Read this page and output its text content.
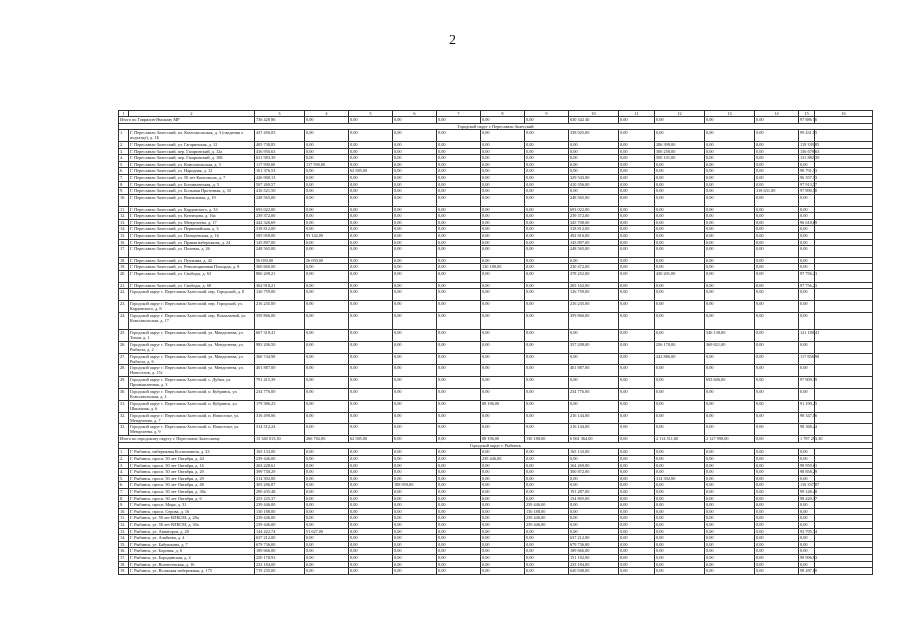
2
1	2	3	4	5	6	7	8	9	10	11	12	13	14	15	16
Итого по Гаврилов-Ямскому МР		736 428 86	0,00	0,00	0,00	0,00	0,00	0,00	630 342 40	0,00	0,00	0,00	0,00	97 886 56	
Городской округ г. Переславль-Залесский															
1.	Г. Переславль-Залесский, пл. Комсомольская, д. 3 (сведения о подъезде), д. 1Б	437 456,05	0,00	0,00	0,00	0,00	0,00	0,00	338 025,00	0,00	0,00	0,00	0,00	99 431,05	
2.	Г. Переславль-Залесский, ул. Гагаринская, д. 12	405 738,85	0,00	0,00	0,00	0,00	0,00	0,00	0,00	0,00	286 399,00	0,00	0,00	119 339,85	
3.	Г. Переславль-Залесский, пер. Гагаринский, д. 12а	436 950,63	0,00	0,00	0,00	0,00	0,00	0,00	0,00	0,00	300 258,00	0,00	0,00	136 679,63	
4.	Г. Переславль-Залесский, пер. Гагаринский, д. 10Б	631 983,39	0,00	0,00	0,00	0,00	0,00	0,00	0,00	0,00	500 101,00	0,00	0,00	131 882,39	
5.	Г. Переславль-Залесский, ул. Комсомольская, д. 3	117 590,00	117 590,00	0,00	0,00	0,00	0,00	0,00	0,00	0,00	0,00	0,00	0,00	0,00	
6.	Г. Переславль-Залесский, ул. Народная, д. 12	161 376,53	0,00	62 585,00	0,00	0,00	0,00	0,00	0,00	0,00	0,00	0,00	0,00	98 791,53	
7.	Г. Переславль-Залесский, ул. 50 лет Комсомола, д. 7	426 900,13	0,00	0,00	0,00	0,00	0,00	0,00	329 543,00	0,00	0,00	0,00	0,00	96 357,13	
8.	Г. Переславль-Залесский, ул. Богоявленская, д. 5	507 269,57	0,00	0,00	0,00	0,00	0,00	0,00	410 356,00	0,00	0,00	0,00	0,00	97 913,57	
9.	Г. Переславль-Залесский, ул. Большая Протечная, д. 35	416 521,50	0,00	0,00	0,00	0,00	0,00	0,00	0,00	0,00	0,00	0,00	318 631,00	97 890,50	
10.	Г. Переславль-Залесский, ул. Вокзальная, д. 19	248 565,00	0,00	0,00	0,00	0,00	0,00	0,00	248 565,00	0,00	0,00	0,00	0,00	0,00	
11.	Г. Переславль-Залесский, ул. Кардовского, д. 33	693 022,00	0,00	0,00	0,00	0,00	0,00	0,00	693 022,00	0,00	0,00	0,00	0,00	0,00	
12.	Г. Переславль-Залесский, ул. Кузнецова, д. 16а	239 372,00	0,00	0,00	0,00	0,00	0,00	0,00	239 372,00	0,00	0,00	0,00	0,00	0,00	
13.	Г. Переславль-Залесский, ул. Менделеева, д. 17	442 326,69	0,00	0,00	0,00	0,00	0,00	0,00	345 708,00	0,00	0,00	0,00	0,00	96 618,69	
14.	Г. Переславль-Залесский, ул. Первомайская, д. 3	318 812,00	0,00	0,00	0,00	0,00	0,00	0,00	318 812,00	0,00	0,00	0,00	0,00	0,00	
15.	Г. Переславль-Залесский, ул. Плещеевская, д. 16	585 958,00	93 142,00	0,00	0,00	0,00	0,00	0,00	492 816,00	0,00	0,00	0,00	0,00	0,00	
16.	Г. Переславль-Залесский, ул. Правая набережная, д. 24	145 897,00	0,00	0,00	0,00	0,00	0,00	0,00	145 897,00	0,00	0,00	0,00	0,00	0,00	
17.	Г. Переславль-Залесский, ул. Полевая, д. 26	248 565,00	0,00	0,00	0,00	0,00	0,00	0,00	248 565,00	0,00	0,00	0,00	0,00	0,00	
18.	Г. Переславль-Залесский, ул. Пушкина, д. 42	56 050,00	56 050,00	0,00	0,00	0,00	0,00	0,00	0,00	0,00	0,00	0,00	0,00	0,00	
19.	Г. Переславль-Залесский, ул. Революционная Площадь, д. 8	360 660,00	0,00	0,00	0,00	0,00	130 188,00	0,00	230 472,00	0,00	0,00	0,00	0,00	0,00	
20.	Г. Переславль-Залесский, ул. Свободы, д. 63	806 209,21	0,00	0,00	0,00	0,00	0,00	0,00	378 252,00	0,00	430 201,00	0,00	0,00	97 756,21	
21.	Г. Переславль-Залесский, ул. Свободы, д. 68	362 918,21	0,00	0,00	0,00	0,00	0,00	0,00	265 162,00	0,00	0,00	0,00	0,00	97 756,21	
22.	Городской округ г. Переславль-Залесский, пер. Городской, д. 8	126 759,00	0,00	0,00	0,00	0,00	0,00	0,00	126 759,00	0,00	0,00	0,00	0,00	0,00	
23.	Городской округ г. Переславль-Залесский, пер. Городской, ул. Кардовского, д. 8	216 235,00	0,00	0,00	0,00	0,00	0,00	0,00	216 235,00	0,00	0,00	0,00	0,00	0,00	
24.	Городской округ г. Переславль-Залесский, пер. Вокзальный, ул. Комсомольская, д. 17	359 866,00	0,00	0,00	0,00	0,00	0,00	0,00	359 866,00	0,00	0,00	0,00	0,00	0,00	
25.	Городской округ г. Переславль-Залесский, ул. Менделеева, ул. Тихая, д. 1	667 318,41	0,00	0,00	0,00	0,00	0,00	0,00	0,00	0,00	0,00	546 138,00	0,00	121 180,41	
26.	Городской округ г. Переславль-Залесский, ул. Менделеева, ул. Рыбхоза, д. 2	983 206,50	0,00	0,00	0,00	0,00	0,00	0,00	357 208,00	0,00	256 178,00	369 821,00	0,00	0,00	
27.	Городской округ г. Переславль-Залесский, ул. Менделеева, ул. Рыбхоза, д. 6	360 744,98	0,00	0,00	0,00	0,00	0,00	0,00	0,00	0,00	242 886,00	0,00	0,00	117 858,98	
28.	Городской округ г. Переславль-Залесский, ул. Менделеева, ул. Новоселов, д. 17а	401 887,00	0,00	0,00	0,00	0,00	0,00	0,00	401 887,00	0,00	0,00	0,00	0,00	0,00	
29.	Городской округ г. Переславль-Залесский, с. Дубки, ул. Промышленная, д. 3	791 415,39	0,00	0,00	0,00	0,00	0,00	0,00	0,00	0,00	0,00	693 606,00	0,00	97 809,39	
30.	Городской округ г. Переславль-Залесский, п. Кубринск, ул. Комсомольская, д. 1	234 776,00	0,00	0,00	0,00	0,00	0,00	0,00	234 776,00	0,00	0,00	0,00	0,00	0,00	
31.	Городской округ г. Переславль-Залесский, п. Кубринск, ул. Школьная, д. 6	179 386,25	0,00	0,00	0,00	0,00	88 196,00	0,00	0,00	0,00	0,00	0,00	0,00	91 190,25	
32.	Городской округ г. Переславль-Залесский, п. Новоселье, ул. Менделеева, д. 7	316 490,06	0,00	0,00	0,00	0,00	0,00	0,00	216 144,00	0,00	0,00	0,00	0,00	98 347,06	
33.	Городской округ г. Переславль-Залесский, п. Новоселье, ул. Менделеева, д. 9	314 512,24	0,00	0,00	0,00	0,00	0,00	0,00	216 144,00	0,00	0,00	0,00	0,00	98 368,24	
Итого по городскому округу г. Переславль-Залесскому		15 340 015,30	266 782,00	62 585,00	0,00	0,00	88 196,00	130 188,00	6 061 364,00	0,00	2 114 511,00	2 127 998,00	0,00	1 787 293,30	
Городской округ г. Рыбинск															
1.	Г. Рыбинск, набережная Космонавтов, д. 33	165 133,00	0,00	0,00	0,00	0,00	0,00	0,00	165 133,00	0,00	0,00	0,00	0,00	0,00	
2.	Г. Рыбинск, просп. 50 лет Октября, д. 44	239 446,00	0,00	0,00	0,00	0,00	239 446,00	0,00	0,00	0,00	0,00	0,00	0,00	0,00	
3.	Г. Рыбинск, просп. 50 лет Октября, д. 16	263 228,61	0,00	0,00	0,00	0,00	0,00	0,00	164 269,00	0,00	0,00	0,00	0,00	98 959,61	
4.	Г. Рыбинск, просп. 50 лет Октября, д. 20	399 730,29	0,00	0,00	0,00	0,00	0,00	0,00	300 872,00	0,00	0,00	0,00	0,00	98 858,29	
5.	Г. Рыбинск, просп. 50 лет Октября, д. 29	314 392,00	0,00	0,00	0,00	0,00	0,00	0,00	0,00	0,00	314 392,00	0,00	0,00	0,00	
6.	Г. Рыбинск, просп. 50 лет Октября, д. 48	305 296,87	0,00	0,00	188 959,00	0,00	0,00	0,00	0,00	0,00	0,00	0,00	0,00	116 337,87	
7.	Г. Рыбинск, просп. 50 лет Октября, д. 38а	290 435,48	0,00	0,00	0,00	0,00	0,00	0,00	191 287,00	0,00	0,00	0,00	0,00	99 148,48	
8.	Г. Рыбинск, просп. 50 лет Октября, д. 6	253 225,37	0,00	0,00	0,00	0,00	0,00	0,00	154 805,00	0,00	0,00	0,00	0,00	98 420,37	
9.	Г. Рыбинск, просп. Мира, д. 31	239 446,00	0,00	0,00	0,00	0,00	0,00	239 446,00	0,00	0,00	0,00	0,00	0,00	0,00	
10.	Г. Рыбинск, просп. Серова, д. 16	130 188,00	0,00	0,00	0,00	0,00	0,00	130 188,00	0,00	0,00	0,00	0,00	0,00	0,00	
11.	Г. Рыбинск, ул. 50 лет ВЛКСМ, д. 28а	239 446,00	0,00	0,00	0,00	0,00	0,00	239 446,00	0,00	0,00	0,00	0,00	0,00	0,00	
12.	Г. Рыбинск, ул. 50 лет ВЛКСМ, д. 30а	239 446,00	0,00	0,00	0,00	0,00	0,00	239 446,00	0,00	0,00	0,00	0,00	0,00	0,00	
13.	Г. Рыбинск, ул. Авиаторов, д. 20	144 422,74	51 627,00	0,00	0,00	0,00	0,00	0,00	0,00	0,00	0,00	0,00	0,00	92 795,74	
14.	Г. Рыбинск, ул. Алябьева, д. 4	637 212,00	0,00	0,00	0,00	0,00	0,00	0,00	637 212,00	0,00	0,00	0,00	0,00	0,00	
15.	Г. Рыбинск, ул. Бабушкина, д. 7	679 736,00	0,00	0,00	0,00	0,00	0,00	0,00	679 736,00	0,00	0,00	0,00	0,00	0,00	
16.	Г. Рыбинск, ул. Боровая, д. 6	189 666,00	0,00	0,00	0,00	0,00	0,00	0,00	189 666,00	0,00	0,00	0,00	0,00	0,00	
17.	Г. Рыбинск, ул. Бородинская, д. 2	250 178,93	0,00	0,00	0,00	0,00	0,00	0,00	151 182,00	0,00	0,00	0,00	0,00	98 996,93	
18.	Г. Рыбинск, ул. Вознесенская, д. 16	233 184,00	0,00	0,00	0,00	0,00	0,00	0,00	233 184,00	0,00	0,00	0,00	0,00	0,00	
19.	Г. Рыбинск, ул. Волжская набережная, д. 175	719 235,00	0,00	0,00	0,00	0,00	0,00	0,00	620 948,00	0,00	0,00	0,00	0,00	98 287,00	
